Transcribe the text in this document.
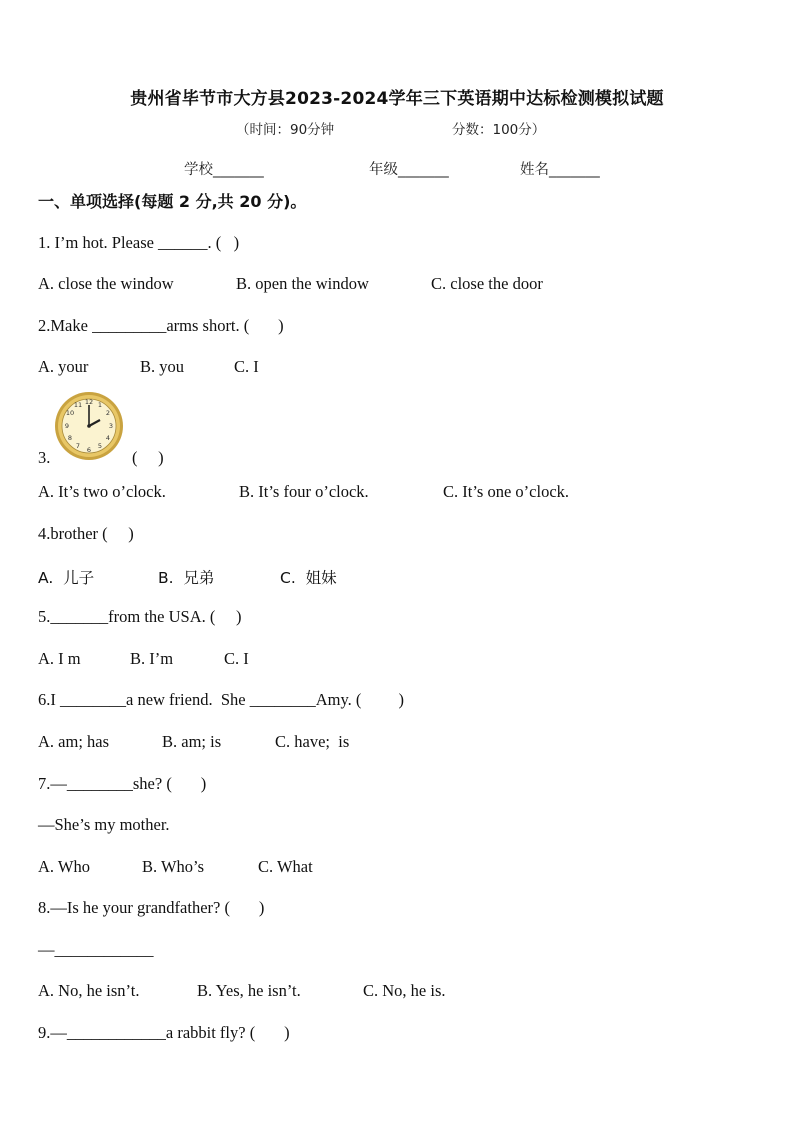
贵州省毕节市大方县2023-2024学年三下英语期中达标检测模拟试题
（时间：90分钟	分数：100分）
学校_______	年级_______	姓名_______
一、单项选择(每题 2 分,共 20 分)。
1. I’m hot. Please ______. (   )
A. close the window	B. open the window	C. close the door
2.Make _________arms short. (       )
A. your	B. you	C. I
12 1
2
3
4
5
6
7
8
9
10
11
3.	(     )
A. It’s two o’clock.	B. It’s four o’clock.	C. It’s one o’clock.
4.brother (     )
A.  儿子	B.  兄弟	C.  姐妹
5._______from the USA. (     )
A. I m	B. I’m	C. I
6.I ________a new friend.  She ________Amy. (         )
A. am; has	B. am; is	C. have;  is
7.—________she? (       )
—She’s my mother.
A. Who	B. Who’s	C. What
8.—Is he your grandfather? (       )
—____________
A. No, he isn’t.	B. Yes, he isn’t.	C. No, he is.
9.—____________a rabbit fly? (       )
